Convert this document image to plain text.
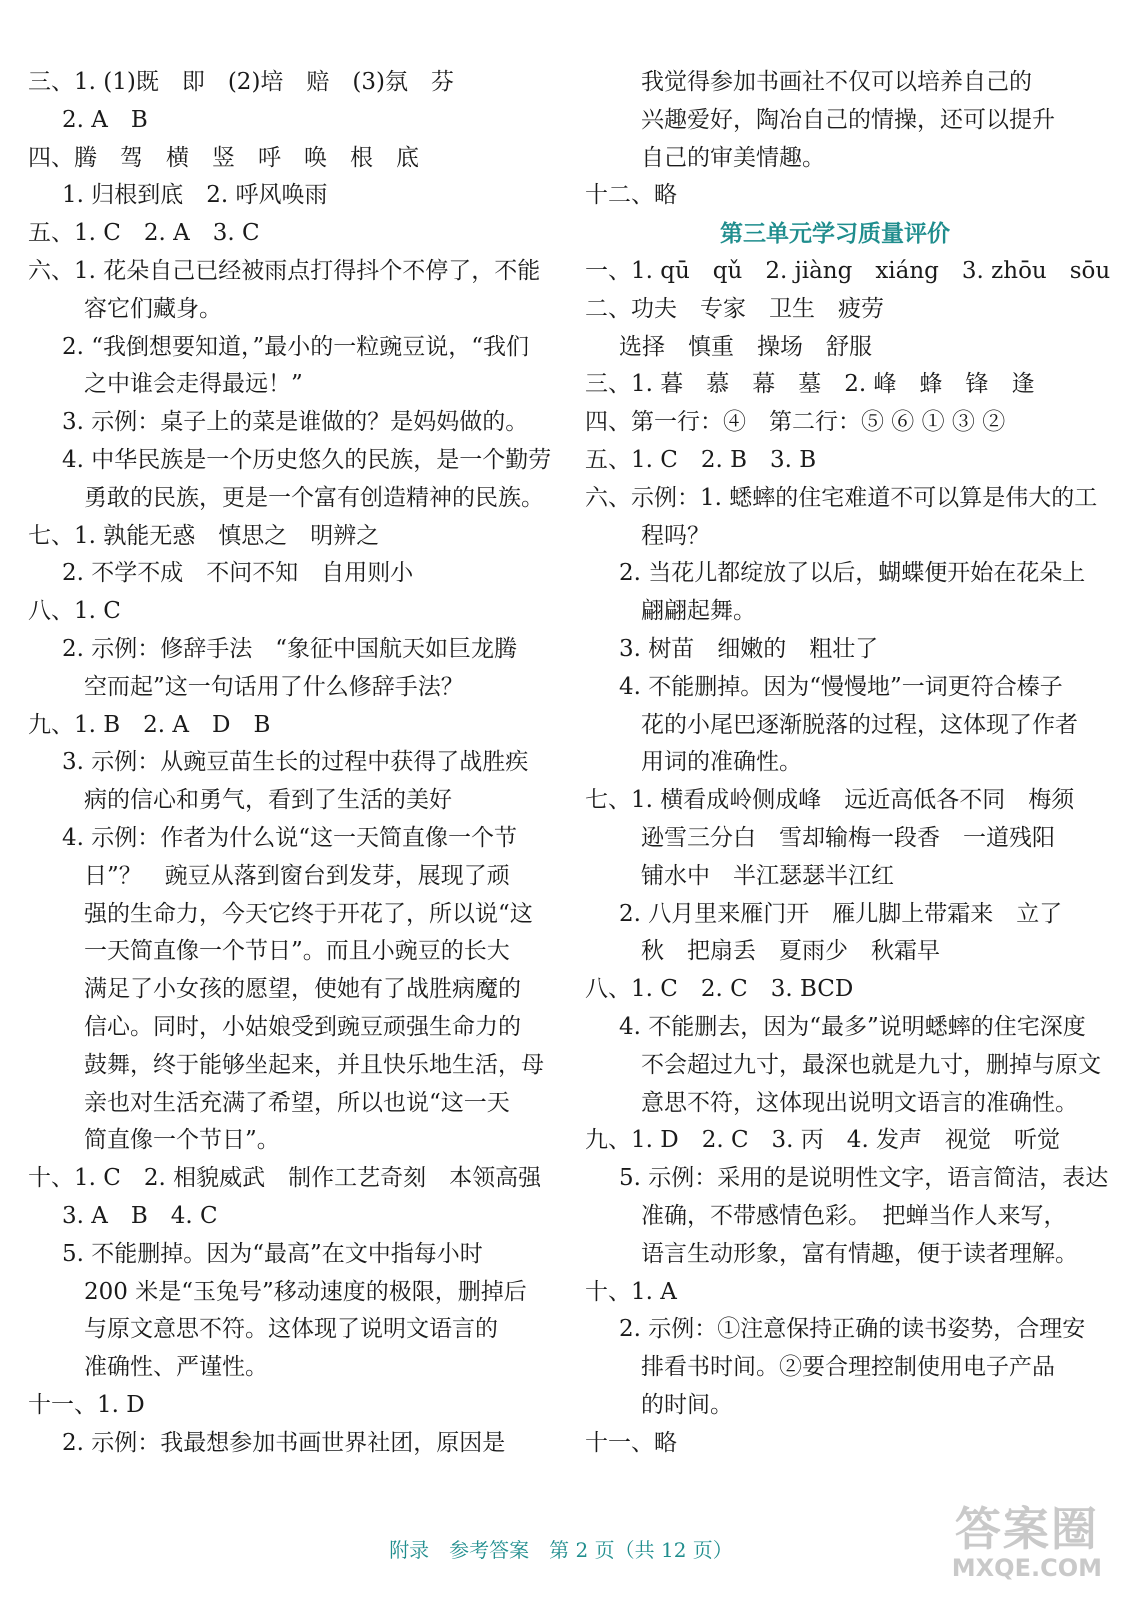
三、1. (1)既　即　(2)培　赔　(3)氛　芬
2. A　B
四、腾　驾　横　竖　呼　唤　根　底
1. 归根到底　2. 呼风唤雨
五、1. C　2. A　3. C
六、1. 花朵自己已经被雨点打得抖个不停了，不能
容它们藏身。
2. “我倒想要知道，”最小的一粒豌豆说，“我们
之中谁会走得最远！”
3. 示例：桌子上的菜是谁做的？是妈妈做的。
4. 中华民族是一个历史悠久的民族，是一个勤劳
勇敢的民族，更是一个富有创造精神的民族。
七、1. 孰能无惑　慎思之　明辨之
2. 不学不成　不问不知　自用则小
八、1. C
2. 示例：修辞手法　“象征中国航天如巨龙腾
空而起”这一句话用了什么修辞手法？
九、1. B　2. A　D　B
3. 示例：从豌豆苗生长的过程中获得了战胜疾
病的信心和勇气，看到了生活的美好
4. 示例：作者为什么说“这一天简直像一个节
日”？　豌豆从落到窗台到发芽，展现了顽
强的生命力，今天它终于开花了，所以说“这
一天简直像一个节日”。而且小豌豆的长大
满足了小女孩的愿望，使她有了战胜病魔的
信心。同时，小姑娘受到豌豆顽强生命力的
鼓舞，终于能够坐起来，并且快乐地生活，母
亲也对生活充满了希望，所以也说“这一天
简直像一个节日”。
十、1. C　2. 相貌威武　制作工艺奇刻　本领高强
3. A　B　4. C
5. 不能删掉。因为“最高”在文中指每小时
200 米是“玉兔号”移动速度的极限，删掉后
与原文意思不符。这体现了说明文语言的
准确性、严谨性。
十一、1. D
2. 示例：我最想参加书画世界社团，原因是
我觉得参加书画社不仅可以培养自己的
兴趣爱好，陶冶自己的情操，还可以提升
自己的审美情趣。
十二、略
第三单元学习质量评价
一、1. qū　qǔ　2. jiàng　xiáng　3. zhōu　sōu
二、功夫　专家　卫生　疲劳
选择　慎重　操场　舒服
三、1. 暮　慕　幕　墓　2. 峰　蜂　锋　逢
四、第一行：④　第二行：⑤ ⑥ ① ③ ②
五、1. C　2. B　3. B
六、示例：1. 蟋蟀的住宅难道不可以算是伟大的工
程吗？
2. 当花儿都绽放了以后，蝴蝶便开始在花朵上
翩翩起舞。
3. 树苗　细嫩的　粗壮了
4. 不能删掉。因为“慢慢地”一词更符合榛子
花的小尾巴逐渐脱落的过程，这体现了作者
用词的准确性。
七、1. 横看成岭侧成峰　远近高低各不同　梅须
逊雪三分白　雪却输梅一段香　一道残阳
铺水中　半江瑟瑟半江红
2. 八月里来雁门开　雁儿脚上带霜来　立了
秋　把扇丢　夏雨少　秋霜早
八、1. C　2. C　3. BCD
4. 不能删去，因为“最多”说明蟋蟀的住宅深度
不会超过九寸，最深也就是九寸，删掉与原文
意思不符，这体现出说明文语言的准确性。
九、1. D　2. C　3. 丙　4. 发声　视觉　听觉
5. 示例：采用的是说明性文字，语言简洁，表达
准确，不带感情色彩。　把蝉当作人来写，
语言生动形象，富有情趣，便于读者理解。
十、1. A
2. 示例：①注意保持正确的读书姿势，合理安
排看书时间。②要合理控制使用电子产品
的时间。
十一、略
附录　参考答案　第 2 页（共 12 页）	答案圈
MXQE.COM
